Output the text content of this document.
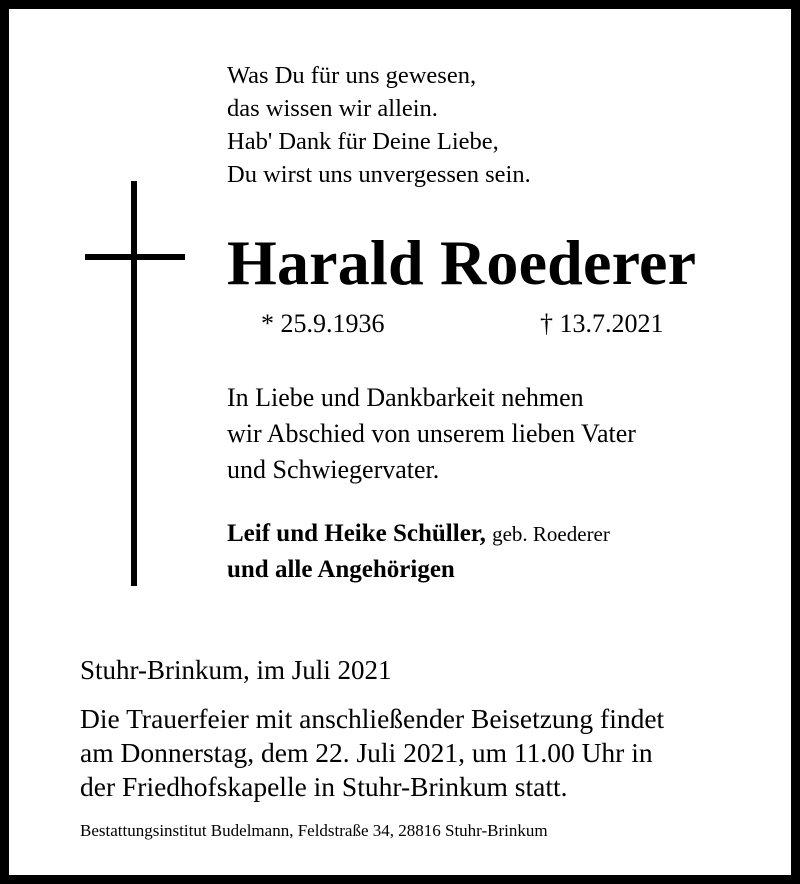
Was Du für uns gewesen,
das wissen wir allein.
Hab' Dank für Deine Liebe,
Du wirst uns unvergessen sein.
Harald Roederer
* 25.9.1936	† 13.7.2021
In Liebe und Dankbarkeit nehmen
wir Abschied von unserem lieben Vater
und Schwiegervater.
Leif und Heike Schüller, geb. Roederer
und alle Angehörigen
Stuhr-Brinkum, im Juli 2021
Die Trauerfeier mit anschließender Beisetzung findet
am Donnerstag, dem 22. Juli 2021, um 11.00 Uhr in
der Friedhofskapelle in Stuhr-Brinkum statt.
Bestattungsinstitut Budelmann, Feldstraße 34, 28816 Stuhr-Brinkum
